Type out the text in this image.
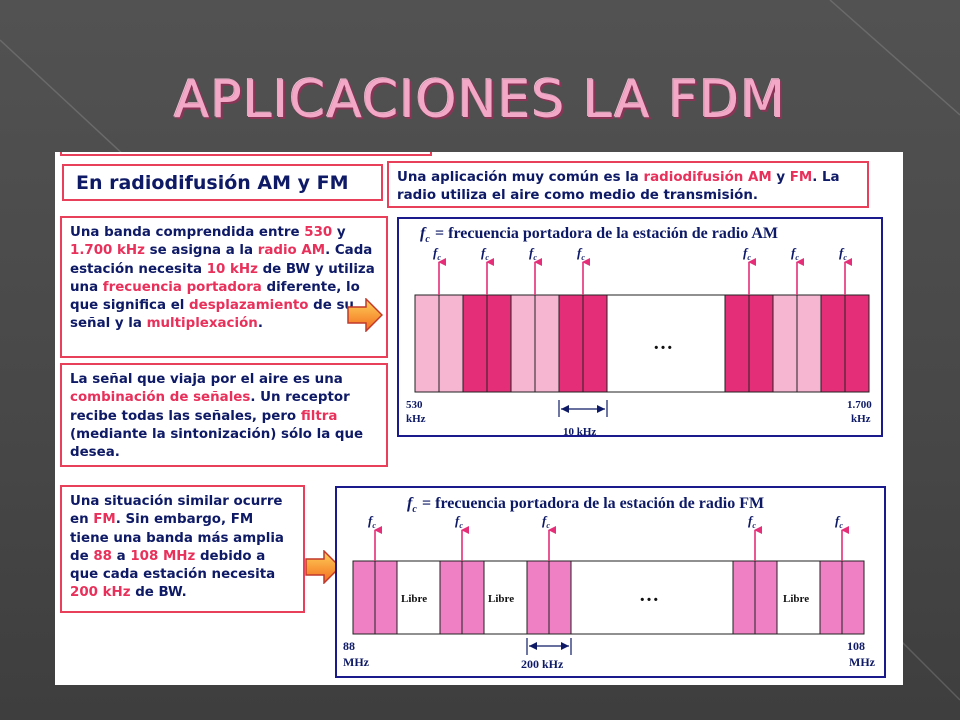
APLICACIONES LA FDM
En radiodifusión AM y FM	Una aplicación muy común es la radiodifusión AM y FM. La radio utiliza el aire como medio de transmisión.

Una banda comprendida entre 530 y 1.700 kHz se asigna a la radio AM. Cada estación necesita 10 kHz de BW y utiliza una frecuencia portadora diferente, lo que significa el desplazamiento de su señal y la multiplexación.

La señal que viaja por el aire es una combinación de señales. Un receptor recibe todas las señales, pero filtra (mediante la sintonización) sólo la que desea.

Una situación similar ocurre en FM. Sin embargo, FM tiene una banda más amplia de 88 a 108 MHz debido a que cada estación necesita 200 kHz de BW.

$f_c$ = frecuencia portadora de la estación de radio AM
…
$f_c$	$f_c$	$f_c$	$f_c$	$f_c$	$f_c$	$f_c$
530
kHz
1.700
kHz
10 kHz
$f_c$ = frecuencia portadora de la estación de radio FM
Libre	Libre	Libre
…
$f_c$	$f_c$	$f_c$	$f_c$	$f_c$
88
MHz
108
MHz
200 kHz
